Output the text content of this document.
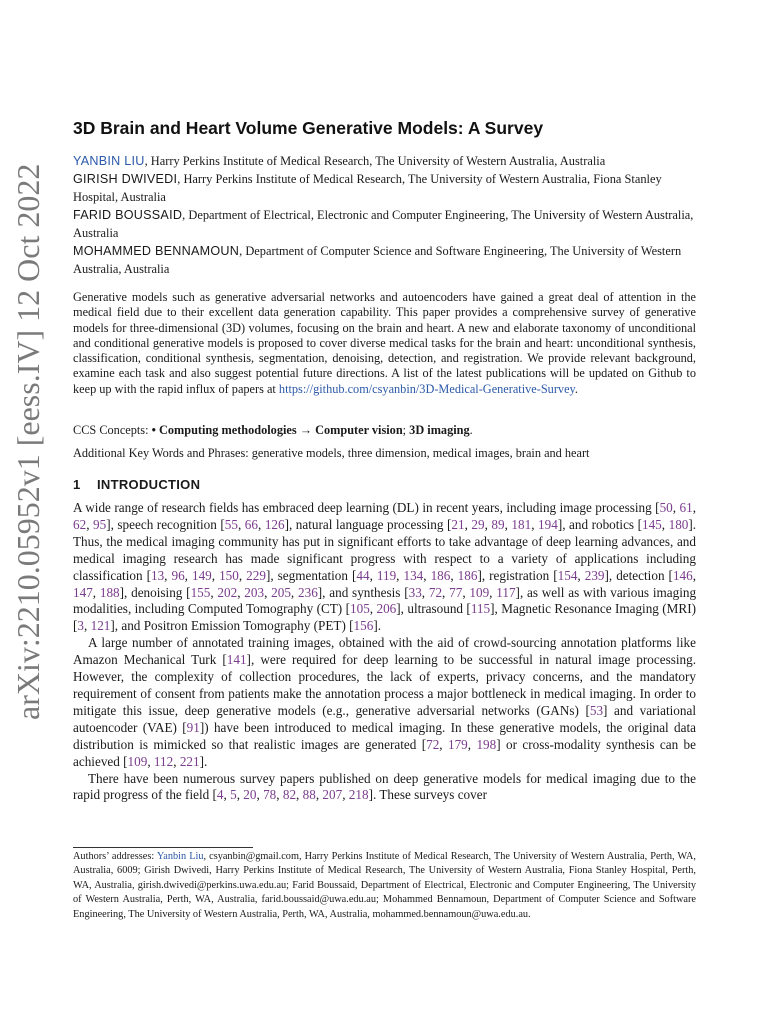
arXiv:2210.05952v1 [eess.IV] 12 Oct 2022
3D Brain and Heart Volume Generative Models: A Survey

YANBIN LIU, Harry Perkins Institute of Medical Research, The University of Western Australia, Australia

GIRISH DWIVEDI, Harry Perkins Institute of Medical Research, The University of Western Australia, Fiona Stanley Hospital, Australia

FARID BOUSSAID, Department of Electrical, Electronic and Computer Engineering, The University of Western Australia, Australia

MOHAMMED BENNAMOUN, Department of Computer Science and Software Engineering, The University of Western Australia, Australia

Generative models such as generative adversarial networks and autoencoders have gained a great deal of attention in the medical field due to their excellent data generation capability. This paper provides a comprehensive survey of generative models for three-dimensional (3D) volumes, focusing on the brain and heart. A new and elaborate taxonomy of unconditional and conditional generative models is proposed to cover diverse medical tasks for the brain and heart: unconditional synthesis, classification, conditional synthesis, segmentation, denoising, detection, and registration. We provide relevant background, examine each task and also suggest potential future directions. A list of the latest publications will be updated on Github to keep up with the rapid influx of papers at https://github.com/csyanbin/3D-Medical-Generative-Survey.

CCS Concepts: • Computing methodologies → Computer vision; 3D imaging.

Additional Key Words and Phrases: generative models, three dimension, medical images, brain and heart

1 INTRODUCTION

A wide range of research fields has embraced deep learning (DL) in recent years, including image processing [50, 61, 62, 95], speech recognition [55, 66, 126], natural language processing [21, 29, 89, 181, 194], and robotics [145, 180]. Thus, the medical imaging community has put in significant efforts to take advantage of deep learning advances, and medical imaging research has made significant progress with respect to a variety of applications including classification [13, 96, 149, 150, 229], segmentation [44, 119, 134, 186, 186], registration [154, 239], detection [146, 147, 188], denoising [155, 202, 203, 205, 236], and synthesis [33, 72, 77, 109, 117], as well as with various imaging modalities, including Computed Tomography (CT) [105, 206], ultrasound [115], Magnetic Resonance Imaging (MRI) [3, 121], and Positron Emission Tomography (PET) [156].

A large number of annotated training images, obtained with the aid of crowd-sourcing annotation platforms like Amazon Mechanical Turk [141], were required for deep learning to be successful in natural image processing. However, the complexity of collection procedures, the lack of experts, privacy concerns, and the mandatory requirement of consent from patients make the annotation process a major bottleneck in medical imaging. In order to mitigate this issue, deep generative models (e.g., generative adversarial networks (GANs) [53] and variational autoencoder (VAE) [91]) have been introduced to medical imaging. In these generative models, the original data distribution is mimicked so that realistic images are generated [72, 179, 198] or cross-modality synthesis can be achieved [109, 112, 221].

There have been numerous survey papers published on deep generative models for medical imaging due to the rapid progress of the field [4, 5, 20, 78, 82, 88, 207, 218]. These surveys cover

Authors’ addresses: Yanbin Liu, csyanbin@gmail.com, Harry Perkins Institute of Medical Research, The University of Western Australia, Perth, WA, Australia, 6009; Girish Dwivedi, Harry Perkins Institute of Medical Research, The University of Western Australia, Fiona Stanley Hospital, Perth, WA, Australia, girish.dwivedi@perkins.uwa.edu.au; Farid Boussaid, Department of Electrical, Electronic and Computer Engineering, The University of Western Australia, Perth, WA, Australia, farid.boussaid@uwa.edu.au; Mohammed Bennamoun, Department of Computer Science and Software Engineering, The University of Western Australia, Perth, WA, Australia, mohammed.bennamoun@uwa.edu.au.
